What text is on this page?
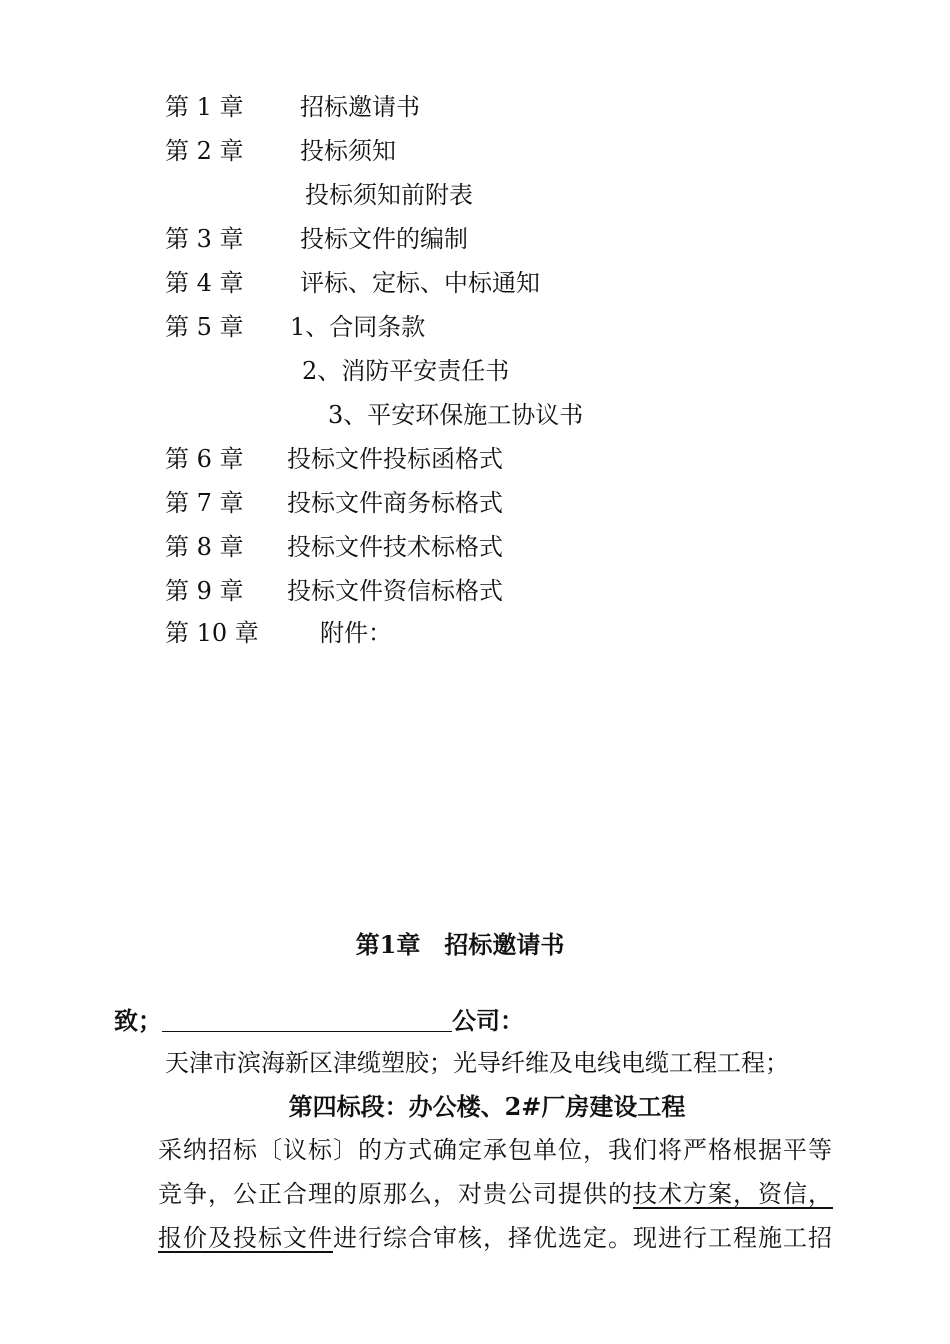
第 1 章 招标邀请书
第 2 章 投标须知
投标须知前附表
第 3 章 投标文件的编制
第 4 章 评标、定标、中标通知
第 5 章 1、合同条款
2、消防平安责任书
3、平安环保施工协议书
第 6 章 投标文件投标函格式
第 7 章 投标文件商务标格式
第 8 章 投标文件技术标格式
第 9 章 投标文件资信标格式
第 10 章	附件：
第1章　招标邀请书
致；	公司：
天津市滨海新区津缆塑胶；光导纤维及电线电缆工程工程；
第四标段：办公楼、2#厂房建设工程
采纳招标〔议标〕的方式确定承包单位，我们将严格根据平等
竞争，公正合理的原那么，对贵公司提供的技术方案，资信，
报价及投标文件进行综合审核，择优选定。现进行工程施工招
